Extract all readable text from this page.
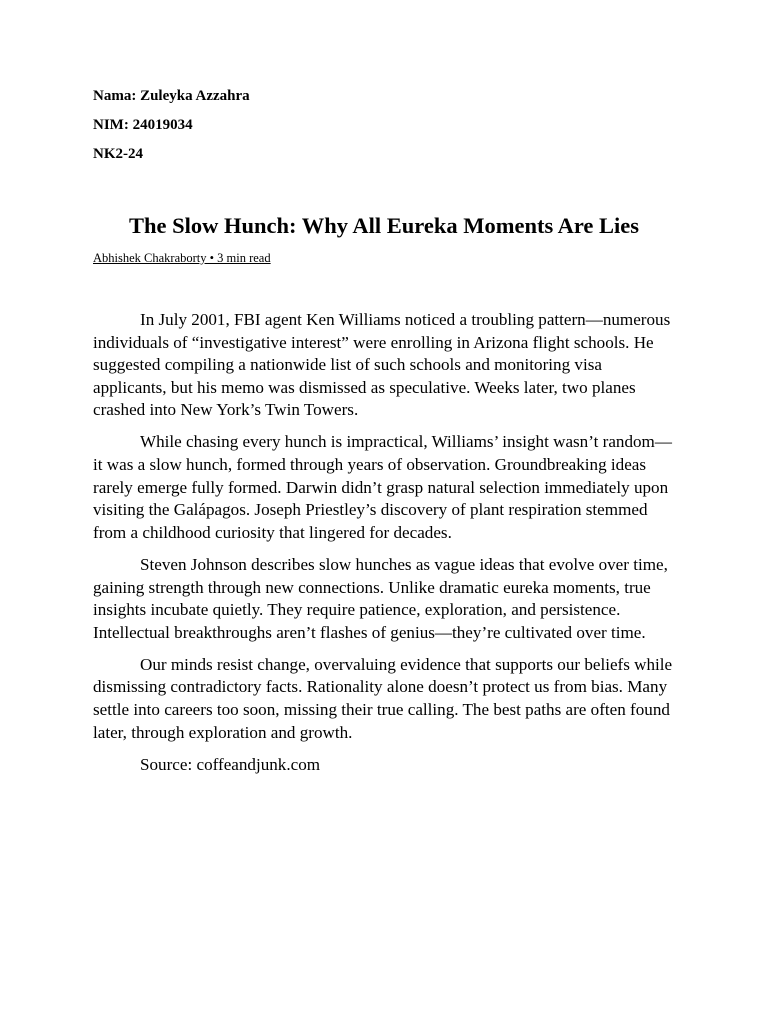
Nama: Zuleyka Azzahra
NIM: 24019034
NK2-24
The Slow Hunch: Why All Eureka Moments Are Lies
Abhishek Chakraborty • 3 min read

In July 2001, FBI agent Ken Williams noticed a troubling pattern—numerous individuals of “investigative interest” were enrolling in Arizona flight schools. He suggested compiling a nationwide list of such schools and monitoring visa applicants, but his memo was dismissed as speculative. Weeks later, two planes crashed into New York’s Twin Towers.

While chasing every hunch is impractical, Williams’ insight wasn’t random—it was a slow hunch, formed through years of observation. Groundbreaking ideas rarely emerge fully formed. Darwin didn’t grasp natural selection immediately upon visiting the Galápagos. Joseph Priestley’s discovery of plant respiration stemmed from a childhood curiosity that lingered for decades.

Steven Johnson describes slow hunches as vague ideas that evolve over time, gaining strength through new connections. Unlike dramatic eureka moments, true insights incubate quietly. They require patience, exploration, and persistence. Intellectual breakthroughs aren’t flashes of genius—they’re cultivated over time.

Our minds resist change, overvaluing evidence that supports our beliefs while dismissing contradictory facts. Rationality alone doesn’t protect us from bias. Many settle into careers too soon, missing their true calling. The best paths are often found later, through exploration and growth.

Source: coffeandjunk.com
